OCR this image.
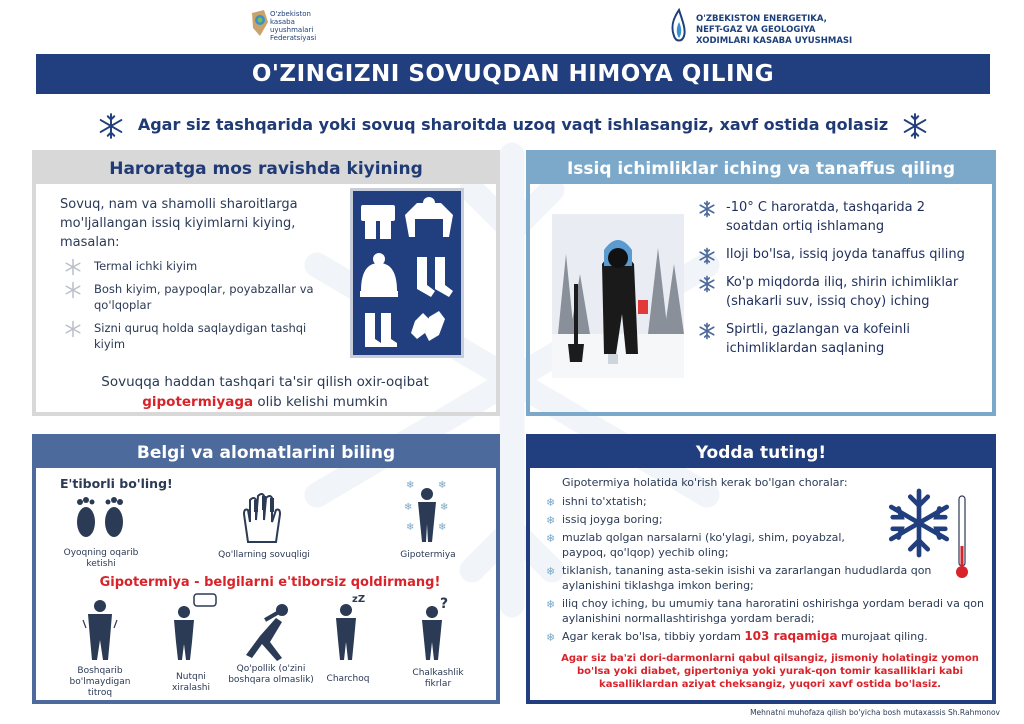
O'zbekiston
kasaba
uyushmalari
Federatsiyasi
O'ZBEKISTON ENERGETIKA,
NEFT-GAZ VA GEOLOGIYA
XODIMLARI KASABA UYUSHMASI
O'ZINGIZNI SOVUQDAN HIMOYA QILING
Agar siz tashqarida yoki sovuq sharoitda uzoq vaqt ishlasangiz, xavf ostida qolasiz
Haroratga mos ravishda kiyining
Sovuq, nam va shamolli sharoitlarga mo'ljallangan issiq kiyimlarni kiying, masalan:
Termal ichki kiyim
Bosh kiyim, paypoqlar, poyabzallar va qo'lqoplar
Sizni quruq holda saqlaydigan tashqi kiyim
Sovuqqa haddan tashqari ta'sir qilish oxir-oqibat
gipotermiyaga olib kelishi mumkin
Issiq ichimliklar iching va tanaffus qiling
-10° C haroratda, tashqarida 2 soatdan ortiq ishlamang
Iloji bo'lsa, issiq joyda tanaffus qiling
Ko'p miqdorda iliq, shirin ichimliklar (shakarli suv, issiq choy) iching
Spirtli, gazlangan va kofeinli ichimliklardan saqlaning
Belgi va alomatlarini biling
E'tiborli bo'ling!
Oyoqning oqarib ketishi
Qo'llarning sovuqligi
❄ ❄
❄	❄
❄ ❄
Gipotermiya
Gipotermiya - belgilarni e'tiborsiz qoldirmang!
Boshqarib bo'lmaydigan titroq
Nutqni xiralashi
Qo'pollik (o'zini boshqara olmaslik)
zZ
Charchoq
?
Chalkashlik fikrlar
Yodda tuting!
Gipotermiya holatida ko'rish kerak bo'lgan choralar:
❄ ishni to'xtatish;
❄ issiq joyga boring;
❄ muzlab qolgan narsalarni (ko'ylagi, shim, poyabzal, paypoq, qo'lqop) yechib oling;
❄ tiklanish, tananing asta-sekin isishi va zararlangan hududlarda qon aylanishini tiklashga imkon bering;
❄ iliq choy iching, bu umumiy tana haroratini oshirishga yordam beradi va qon aylanishini normallashtirishga yordam beradi;
❄ Agar kerak bo'lsa, tibbiy yordam 103 raqamiga murojaat qiling.
Agar siz ba'zi dori-darmonlarni qabul qilsangiz, jismoniy holatingiz yomon bo'lsa yoki diabet, gipertoniya yoki yurak-qon tomir kasalliklari kabi kasalliklardan aziyat cheksangiz, yuqori xavf ostida bo'lasiz.
Mehnatni muhofaza qilish bo'yicha bosh mutaxassis Sh.Rahmonov
